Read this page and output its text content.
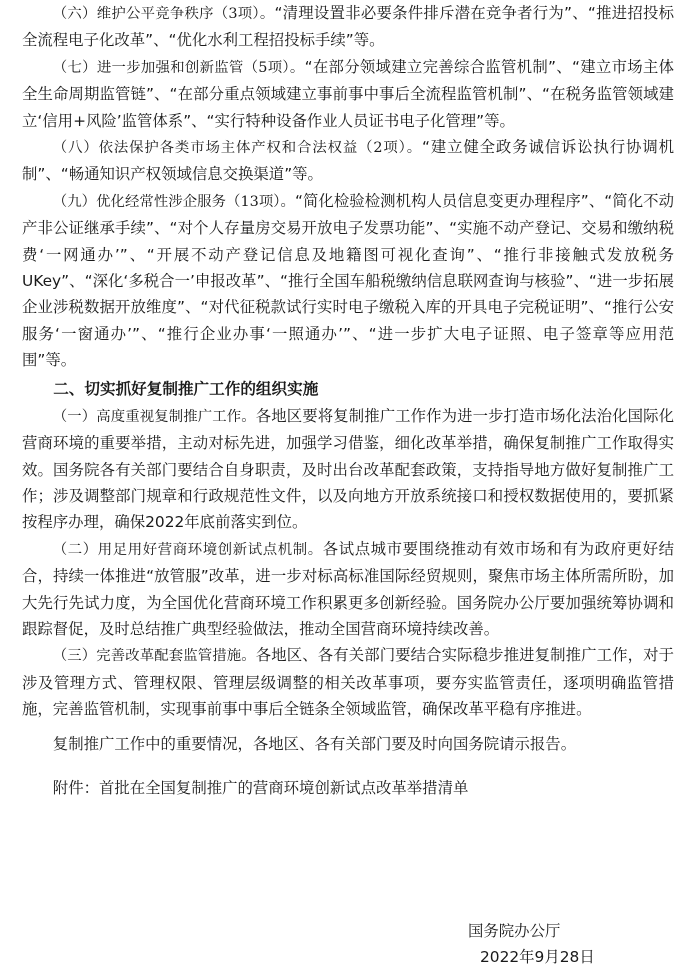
（六）维护公平竞争秩序（3项）。“清理设置非必要条件排斥潜在竞争者行为”、“推进招投标全流程电子化改革”、“优化水利工程招投标手续”等。

（七）进一步加强和创新监管（5项）。“在部分领域建立完善综合监管机制”、“建立市场主体全生命周期监管链”、“在部分重点领域建立事前事中事后全流程监管机制”、“在税务监管领域建立‘信用+风险’监管体系”、“实行特种设备作业人员证书电子化管理”等。

（八）依法保护各类市场主体产权和合法权益（2项）。“建立健全政务诚信诉讼执行协调机制”、“畅通知识产权领域信息交换渠道”等。

（九）优化经常性涉企服务（13项）。“简化检验检测机构人员信息变更办理程序”、“简化不动产非公证继承手续”、“对个人存量房交易开放电子发票功能”、“实施不动产登记、交易和缴纳税费‘一网通办’”、“开展不动产登记信息及地籍图可视化查询”、“推行非接触式发放税务UKey”、“深化‘多税合一’申报改革”、“推行全国车船税缴纳信息联网查询与核验”、“进一步拓展企业涉税数据开放维度”、“对代征税款试行实时电子缴税入库的开具电子完税证明”、“推行公安服务‘一窗通办’”、“推行企业办事‘一照通办’”、“进一步扩大电子证照、电子签章等应用范围”等。

二、切实抓好复制推广工作的组织实施

（一）高度重视复制推广工作。各地区要将复制推广工作作为进一步打造市场化法治化国际化营商环境的重要举措，主动对标先进，加强学习借鉴，细化改革举措，确保复制推广工作取得实效。国务院各有关部门要结合自身职责，及时出台改革配套政策，支持指导地方做好复制推广工作；涉及调整部门规章和行政规范性文件，以及向地方开放系统接口和授权数据使用的，要抓紧按程序办理，确保2022年底前落实到位。

（二）用足用好营商环境创新试点机制。各试点城市要围绕推动有效市场和有为政府更好结合，持续一体推进“放管服”改革，进一步对标高标准国际经贸规则，聚焦市场主体所需所盼，加大先行先试力度，为全国优化营商环境工作积累更多创新经验。国务院办公厅要加强统筹协调和跟踪督促，及时总结推广典型经验做法，推动全国营商环境持续改善。

（三）完善改革配套监管措施。各地区、各有关部门要结合实际稳步推进复制推广工作，对于涉及管理方式、管理权限、管理层级调整的相关改革事项，要夯实监管责任，逐项明确监管措施，完善监管机制，实现事前事中事后全链条全领域监管，确保改革平稳有序推进。

复制推广工作中的重要情况，各地区、各有关部门要及时向国务院请示报告。

附件：首批在全国复制推广的营商环境创新试点改革举措清单

国务院办公厅
2022年9月28日
